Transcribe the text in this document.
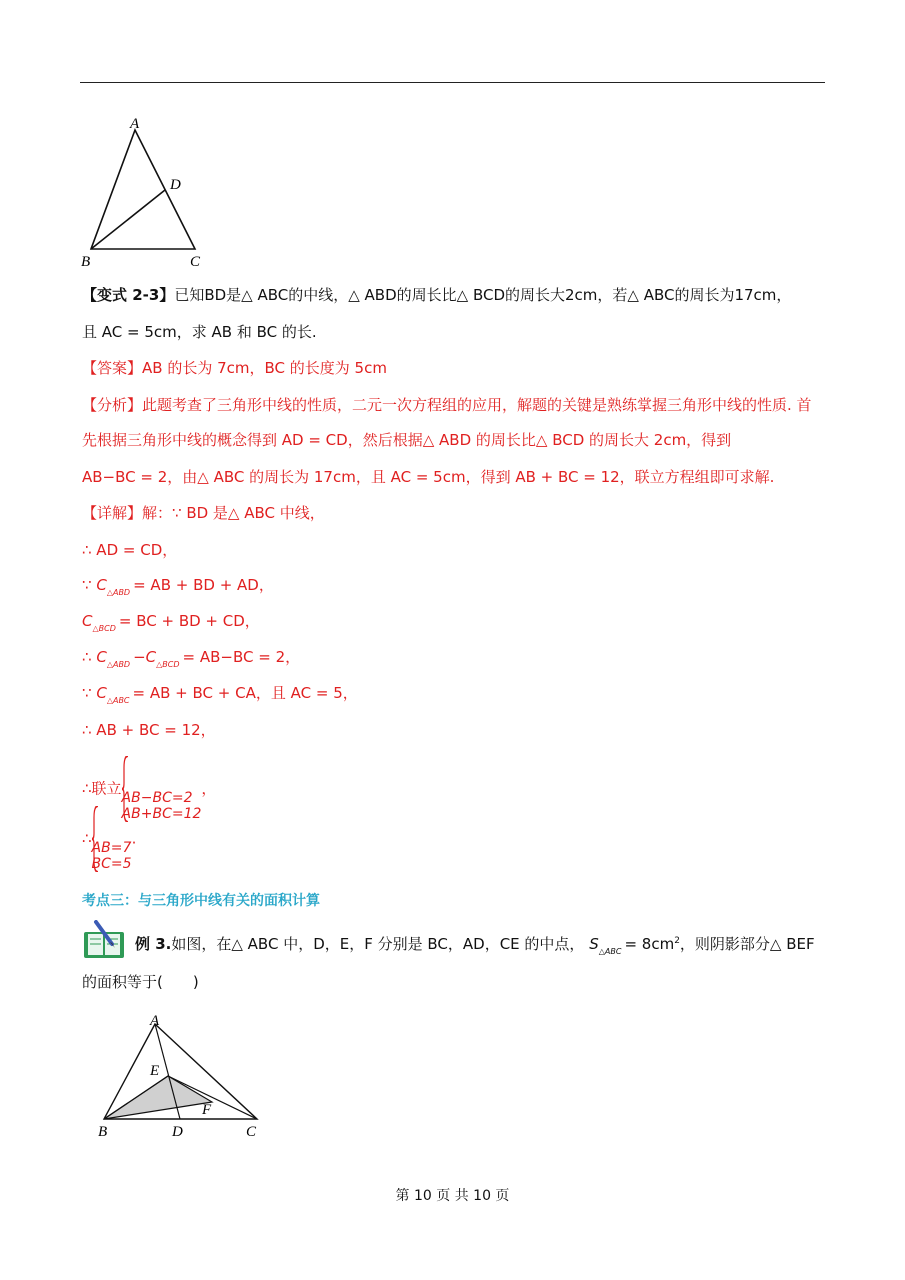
A
D
B	C
【变式 2-3】已知BD是△ ABC的中线，△ ABD的周长比△ BCD的周长大2cm，若△ ABC的周长为17cm，
且 AC = 5cm，求 AB 和 BC 的长.
【答案】AB 的长为 7cm，BC 的长度为 5cm
【分析】此题考查了三角形中线的性质，二元一次方程组的应用，解题的关键是熟练掌握三角形中线的性质. 首
先根据三角形中线的概念得到 AD = CD，然后根据△ ABD 的周长比△ BCD 的周长大 2cm，得到
AB−BC = 2，由△ ABC 的周长为 17cm，且 AC = 5cm，得到 AB + BC = 12，联立方程组即可求解.
【详解】解：∵ BD 是△ ABC 中线，
∴ AD = CD，
∵ $C_{\triangle ABD}$ = AB + BD + AD，
$C_{\triangle BCD}$ = BC + BD + CD，
∴ $C_{\triangle ABD} -C_{\triangle BCD} = AB-BC = 2$，
∵ $C_{\triangle ABC}$ = AB + BC + CA，且 AC = 5，
∴ AB + BC = 12，
∴联立
AB−BC=2
AB+BC=12
，
∴
AB=7
BC=5
.
考点三：与三角形中线有关的面积计算
例 3.如图，在△ ABC 中，D，E，F 分别是 BC，AD，CE 的中点， $S_{\triangle ABC} = 8cm^2$，则阴影部分△ BEF
的面积等于(　　)
A
E
F
B	D	C
第 10 页 共 10 页
